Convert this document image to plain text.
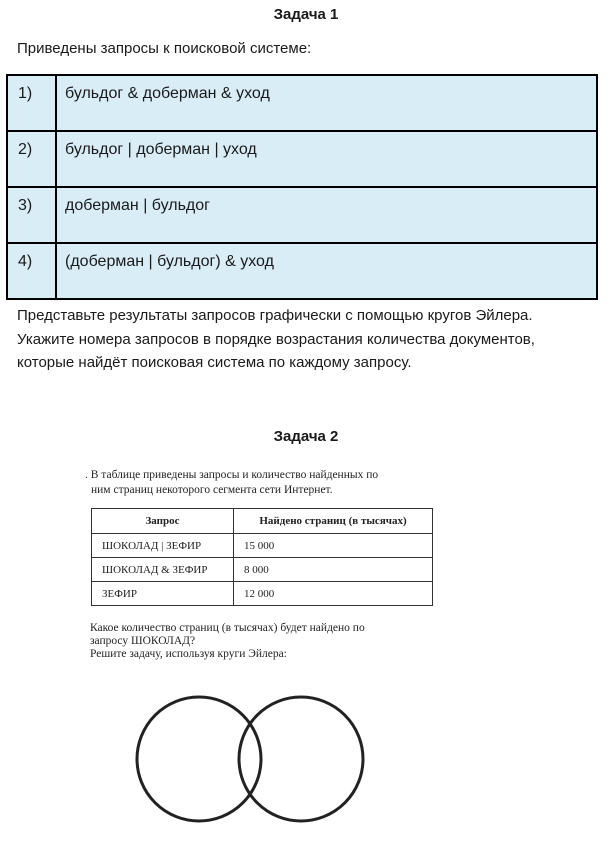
Задача 1
Приведены запросы к поисковой системе:
1)	бульдог & доберман & уход
2)	бульдог | доберман | уход
3)	доберман | бульдог
4)	(доберман | бульдог) & уход
Представьте результаты запросов графически с помощью кругов Эйлера.
Укажите номера запросов в порядке возрастания количества документов,
которые найдёт поисковая система по каждому запросу.
Задача 2
. В таблице приведены запросы и количество найденных по
ним страниц некоторого сегмента сети Интернет.
Запрос	Найдено страниц (в тысячах)
ШОКОЛАД | ЗЕФИР	15 000
ШОКОЛАД & ЗЕФИР	8 000
ЗЕФИР	12 000
Какое количество страниц (в тысячах) будет найдено по
запросу ШОКОЛАД?
Решите задачу, используя круги Эйлера:
